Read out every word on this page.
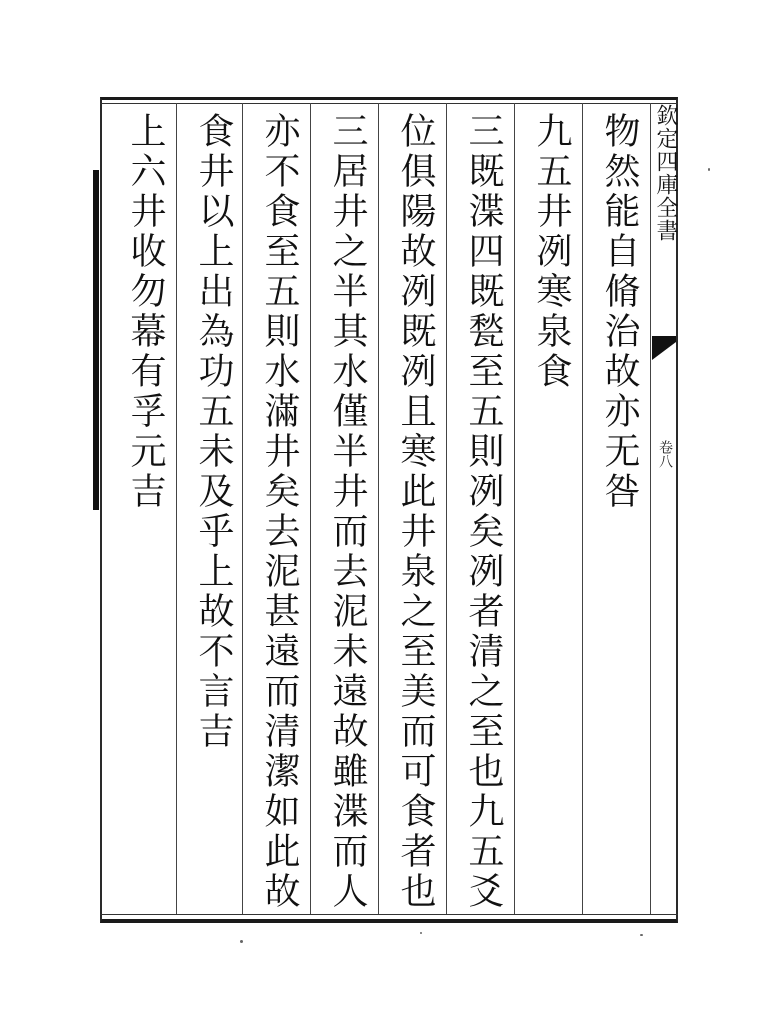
欽定四庫全書
卷八
物然能自脩治故亦无咎
九五井冽寒泉食
三既渫四既甃至五則冽矣冽者清之至也九五爻
位俱陽故冽既冽且寒此井泉之至美而可食者也
三居井之半其水僅半井而去泥未遠故雖渫而人
亦不食至五則水滿井矣去泥甚遠而清潔如此故
食井以上出為功五未及乎上故不言吉
上六井收勿幕有孚元吉
